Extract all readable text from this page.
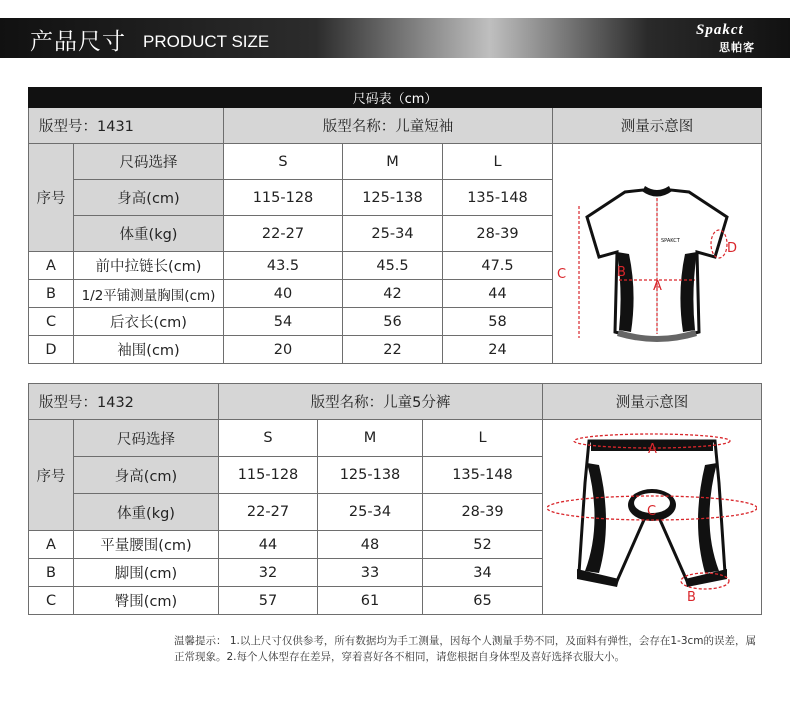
产品尺寸 PRODUCT SIZE
Spakct
思帕客
尺码表（cm）					
版型号：1431		版型名称：儿童短袖			测量示意图
序号	尺码选择	S	M	L	SPAKCT
A
B
C
D

	身高(cm)	115-128	125-138	135-148	
	体重(kg)	22-27	25-34	28-39	
A	前中拉链长(cm)	43.5	45.5	47.5	
B	1/2平铺测量胸围(cm)	40	42	44	
C	后衣长(cm)	54	56	58	
D	袖围(cm)	20	22	24	
版型号：1432		版型名称：儿童5分裤			测量示意图
序号	尺码选择	S	M	L	A
C
B

	身高(cm)	115-128	125-138	135-148	
	体重(kg)	22-27	25-34	28-39	
A	平量腰围(cm)	44	48	52	
B	脚围(cm)	32	33	34	
C	臀围(cm)	57	61	65	
温馨提示： 1.以上尺寸仅供参考，所有数据均为手工测量，因每个人测量手势不同，及面料有弹性，会存在1-3cm的误差，属正常现象。2.每个人体型存在差异，穿着喜好各不相同，请您根据自身体型及喜好选择衣服大小。
